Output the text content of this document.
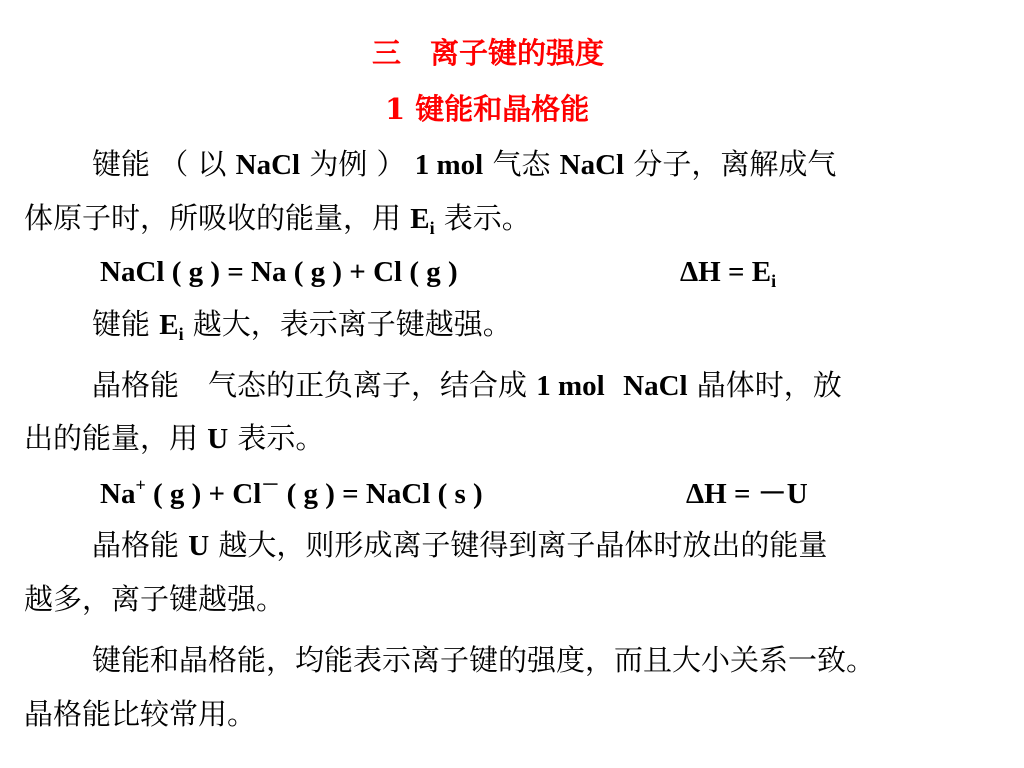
三　离子键的强度
1 键能和晶格能
键能 （ 以 NaCl 为例 ） 1 mol 气态 NaCl 分子，离解成气
体原子时，所吸收的能量，用 $E_i$ 表示。
NaCl ( g ) = Na ( g ) + Cl ( g )	$\Delta H = E_i$
键能 $E_i$ 越大，表示离子键越强。
晶格能　气态的正负离子，结合成 1 mol NaCl 晶体时，放
出的能量，用 U 表示。
Na+ ( g ) + Cl－ ( g ) = NaCl ( s )	ΔH = －U
晶格能 U 越大，则形成离子键得到离子晶体时放出的能量
越多，离子键越强。
键能和晶格能，均能表示离子键的强度，而且大小关系一致。
晶格能比较常用。
